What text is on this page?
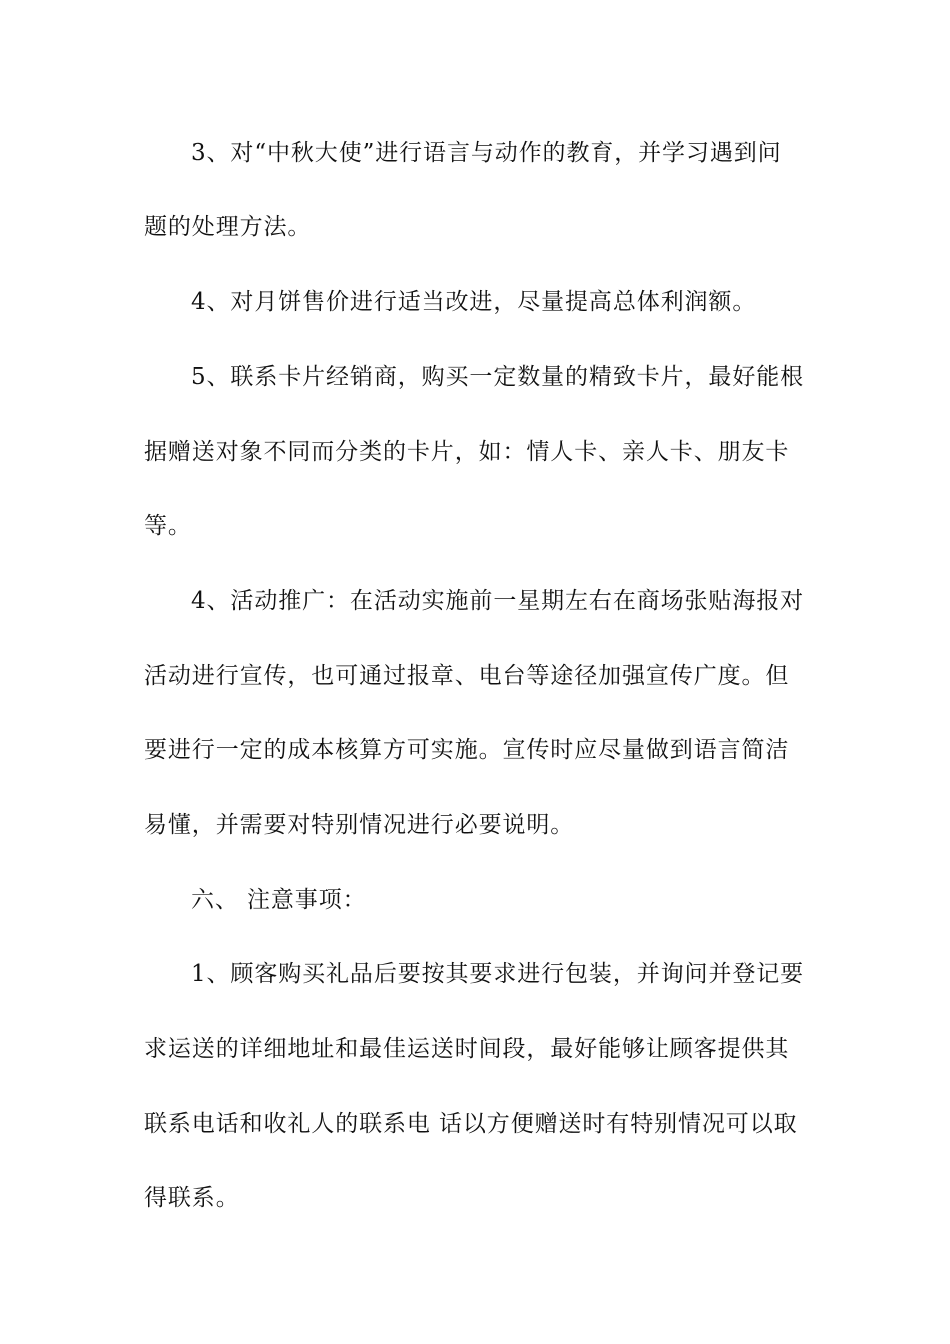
3、对“中秋大使”进行语言与动作的教育，并学习遇到问
题的处理方法。
4、对月饼售价进行适当改进，尽量提高总体利润额。
5、联系卡片经销商，购买一定数量的精致卡片，最好能根
据赠送对象不同而分类的卡片，如：情人卡、亲人卡、朋友卡
等。
4、活动推广：在活动实施前一星期左右在商场张贴海报对
活动进行宣传，也可通过报章、电台等途径加强宣传广度。但
要进行一定的成本核算方可实施。宣传时应尽量做到语言简洁
易懂，并需要对特别情况进行必要说明。
六、 注意事项：
1、顾客购买礼品后要按其要求进行包装，并询问并登记要
求运送的详细地址和最佳运送时间段，最好能够让顾客提供其
联系电话和收礼人的联系电 话以方便赠送时有特别情况可以取
得联系。
